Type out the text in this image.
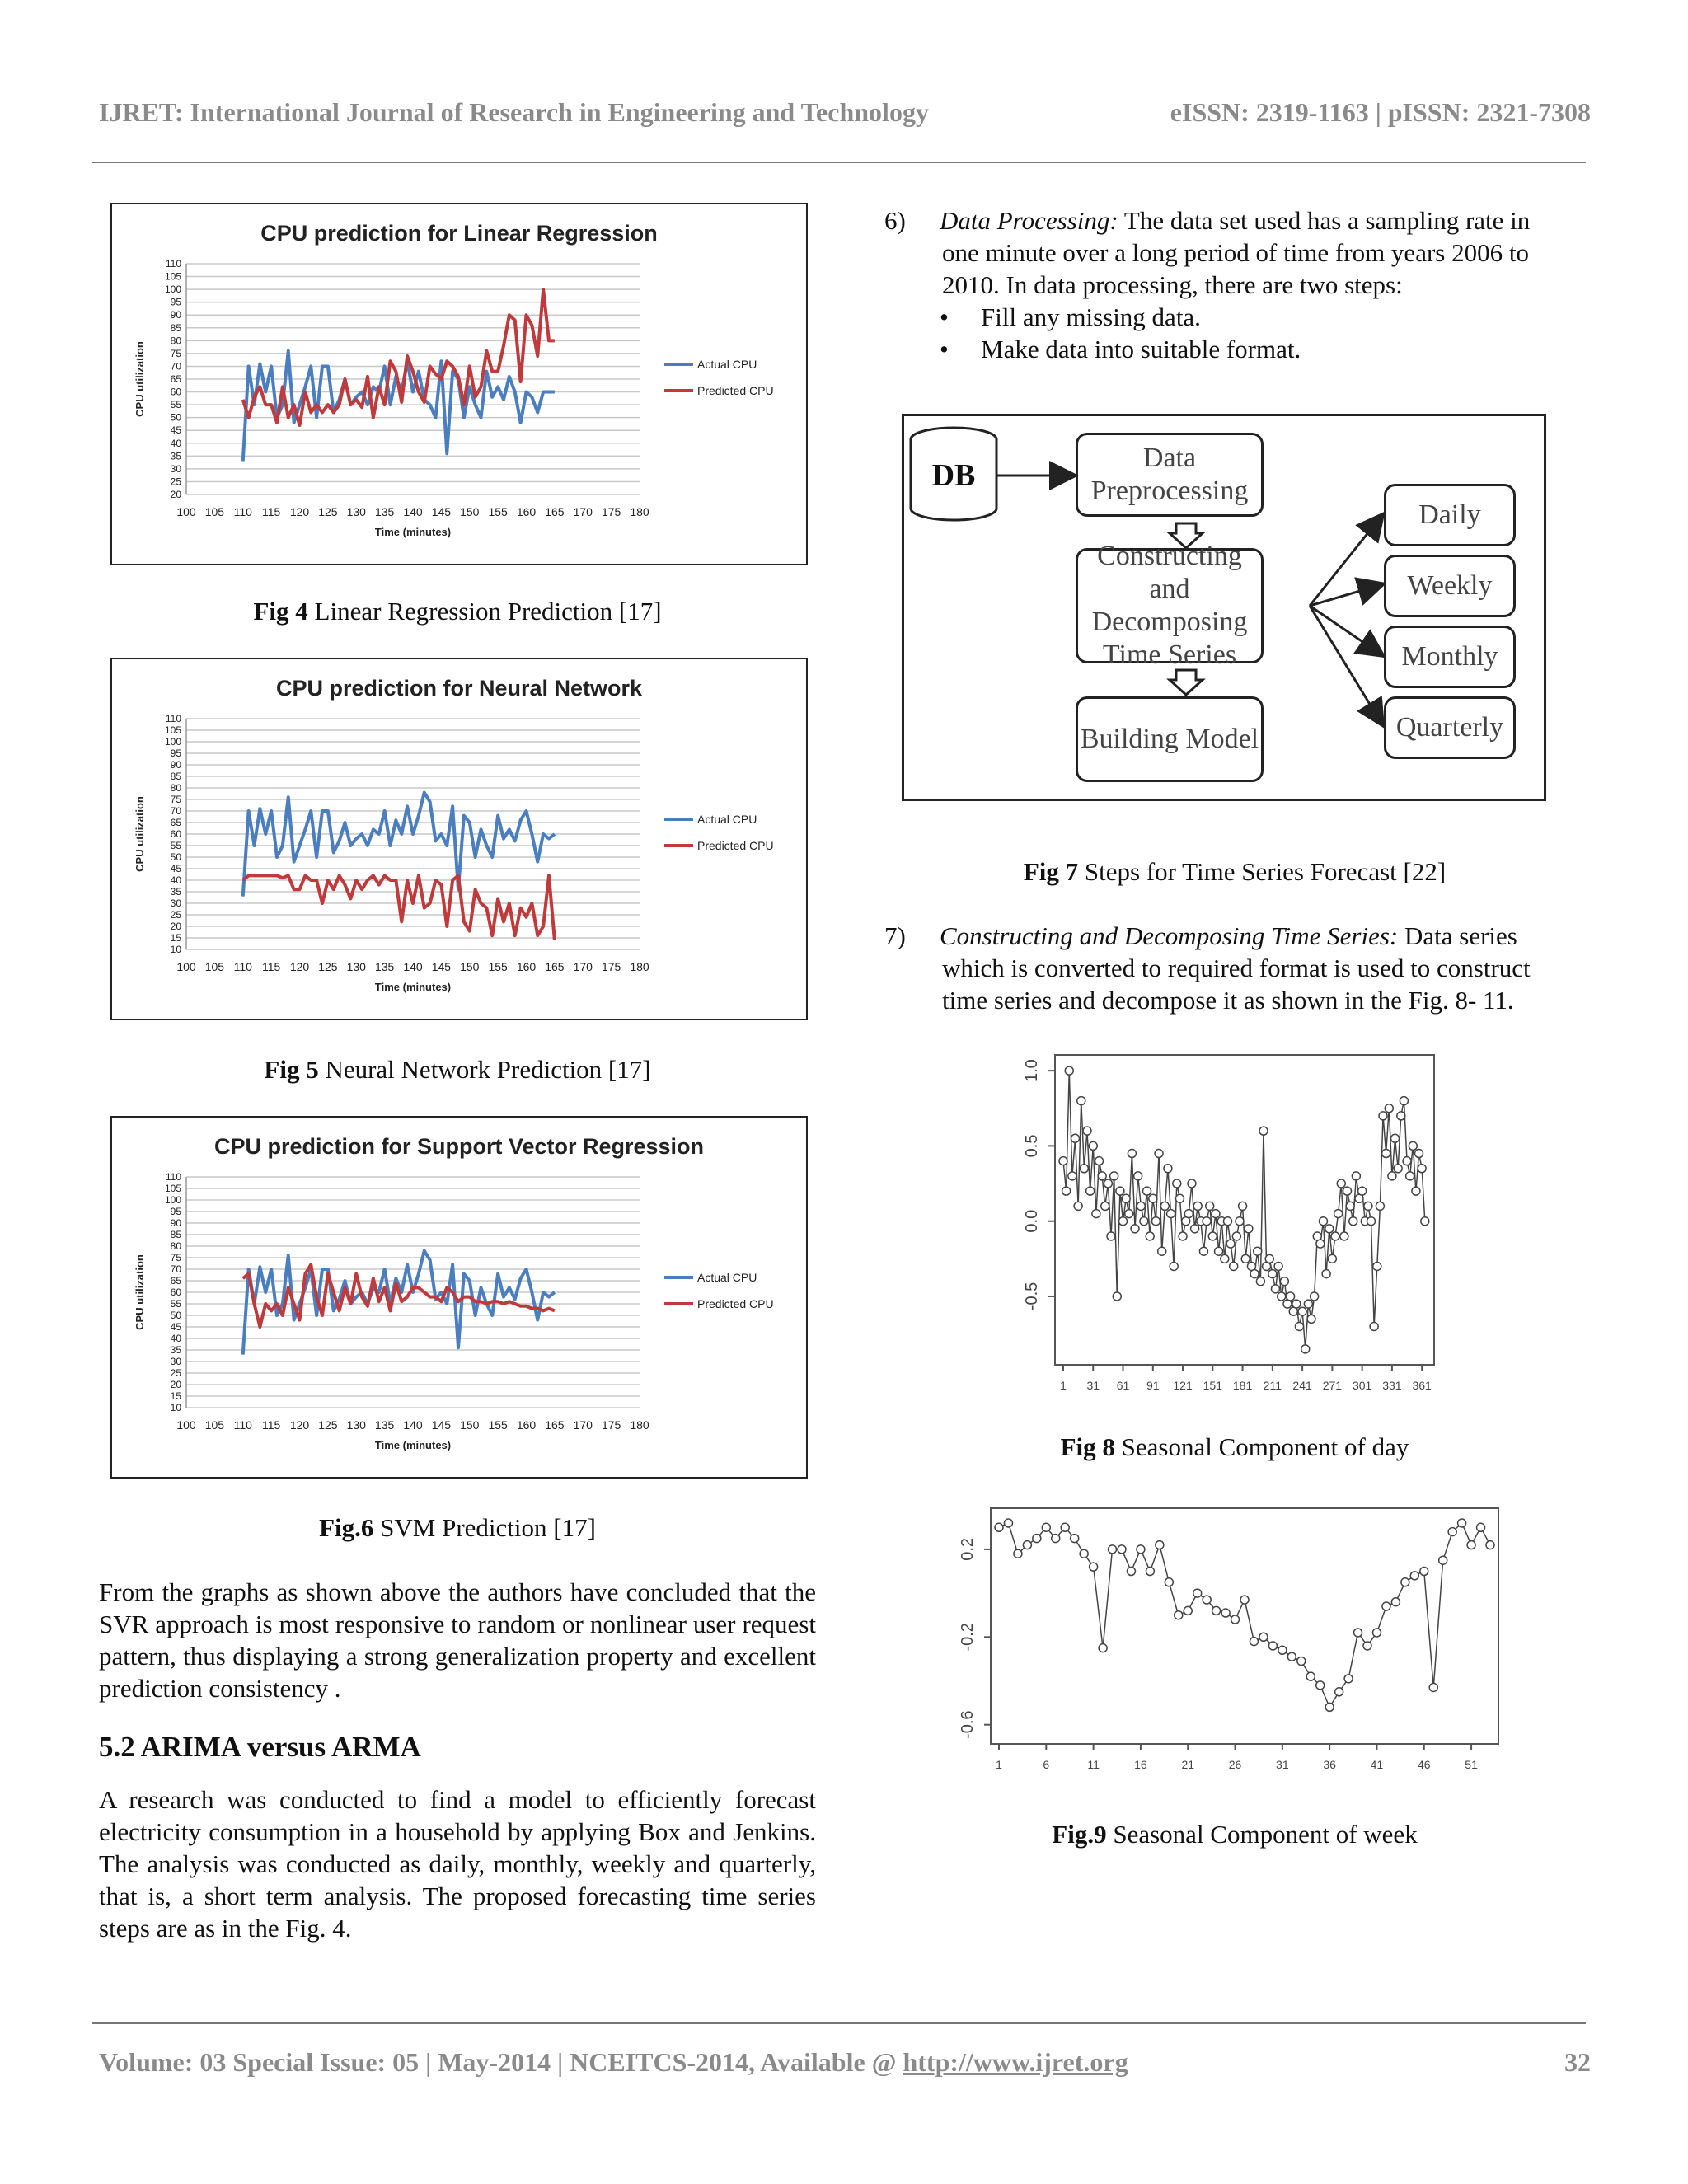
IJRET: International Journal of Research in Engineering and Technology	eISSN: 2319-1163 | pISSN: 2321-7308
CPU prediction for Linear Regression
20
25
30
35
40
45
50
55
60
65
70
75
80
85
90
95
100
105
110
100 105 110 115 120 125 130 135 140 145 150 155 160 165 170 175 180
Time (minutes)
CPU utilization	Actual CPU
Predicted CPU
Fig 4 Linear Regression Prediction [17]
CPU prediction for Neural Network
10
15
20
25
30
35
40
45
50
55
60
65
70
75
80
85
90
95
100
105
110
100 105 110 115 120 125 130 135 140 145 150 155 160 165 170 175 180
Time (minutes)
CPU utilization	Actual CPU
Predicted CPU
Fig 5 Neural Network Prediction [17]
CPU prediction for Support Vector Regression
10
15
20
25
30
35
40
45
50
55
60
65
70
75
80
85
90
95
100
105
110
100 105 110 115 120 125 130 135 140 145 150 155 160 165 170 175 180
Time (minutes)
CPU utilization	Actual CPU
Predicted CPU
Fig.6 SVM Prediction [17]
From the graphs as shown above the authors have concluded that the SVR approach is most responsive to random or nonlinear user request pattern, thus displaying a strong generalization property and excellent prediction consistency .
5.2 ARIMA versus ARMA
A research was conducted to find a model to efficiently forecast electricity consumption in a household by applying Box and Jenkins. The analysis was conducted as daily, monthly, weekly and quarterly, that is, a short term analysis. The proposed forecasting time series steps are as in the Fig. 4.
6) Data Processing: The data set used has a sampling rate in
one minute over a long period of time from years 2006 to
2010. In data processing, there are two steps:
• Fill any missing data.
• Make data into suitable format.
DB
Data
Preprocessing
Constructing and
Decomposing
Time Series
Building Model
Daily
Weekly
Monthly
Quarterly
Fig 7 Steps for Time Series Forecast [22]
7) Constructing and Decomposing Time Series: Data series
which is converted to required format is used to construct
time series and decompose it as shown in the Fig. 8- 11.
-0.5
0.0
0.5
1.0
1 31 61 91 121 151 181 211 241 271 301 331 361
Fig 8 Seasonal Component of day
-0.6
-0.2
0.2
1	6	11	16	21	26	31	36	41	46	51
Fig.9 Seasonal Component of week
Volume: 03 Special Issue: 05 | May-2014 | NCEITCS-2014, Available @ http://www.ijret.org	32
